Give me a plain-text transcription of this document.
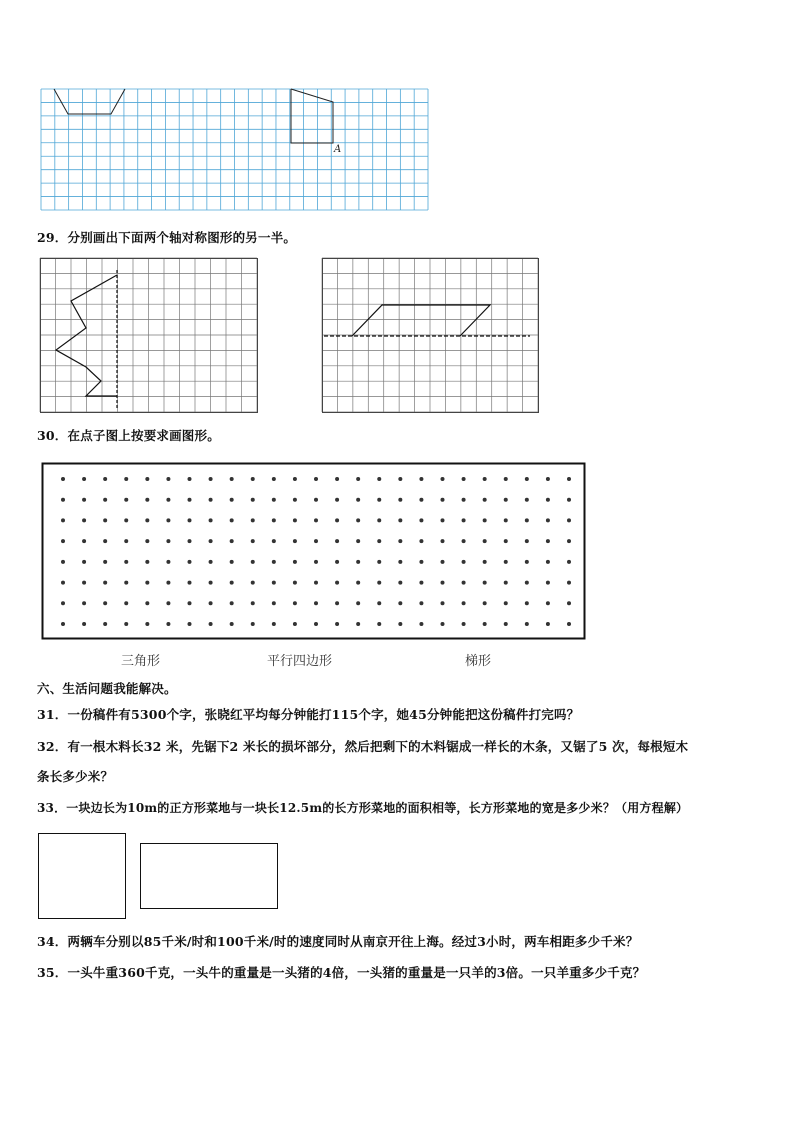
A
29．分别画出下面两个轴对称图形的另一半。
30．在点子图上按要求画图形。
三角形	平行四边形	梯形
六、生活问题我能解决。
31．一份稿件有5300个字，张晓红平均每分钟能打115个字，她45分钟能把这份稿件打完吗？
32．有一根木料长32 米，先锯下2 米长的损坏部分，然后把剩下的木料锯成一样长的木条，又锯了5 次，每根短木
条长多少米？
33．一块边长为10m的正方形菜地与一块长12.5m的长方形菜地的面积相等，长方形菜地的宽是多少米？（用方程解）
34．两辆车分别以85千米/时和100千米/时的速度同时从南京开往上海。经过3小时，两车相距多少千米？
35．一头牛重360千克，一头牛的重量是一头猪的4倍，一头猪的重量是一只羊的3倍。一只羊重多少千克？
